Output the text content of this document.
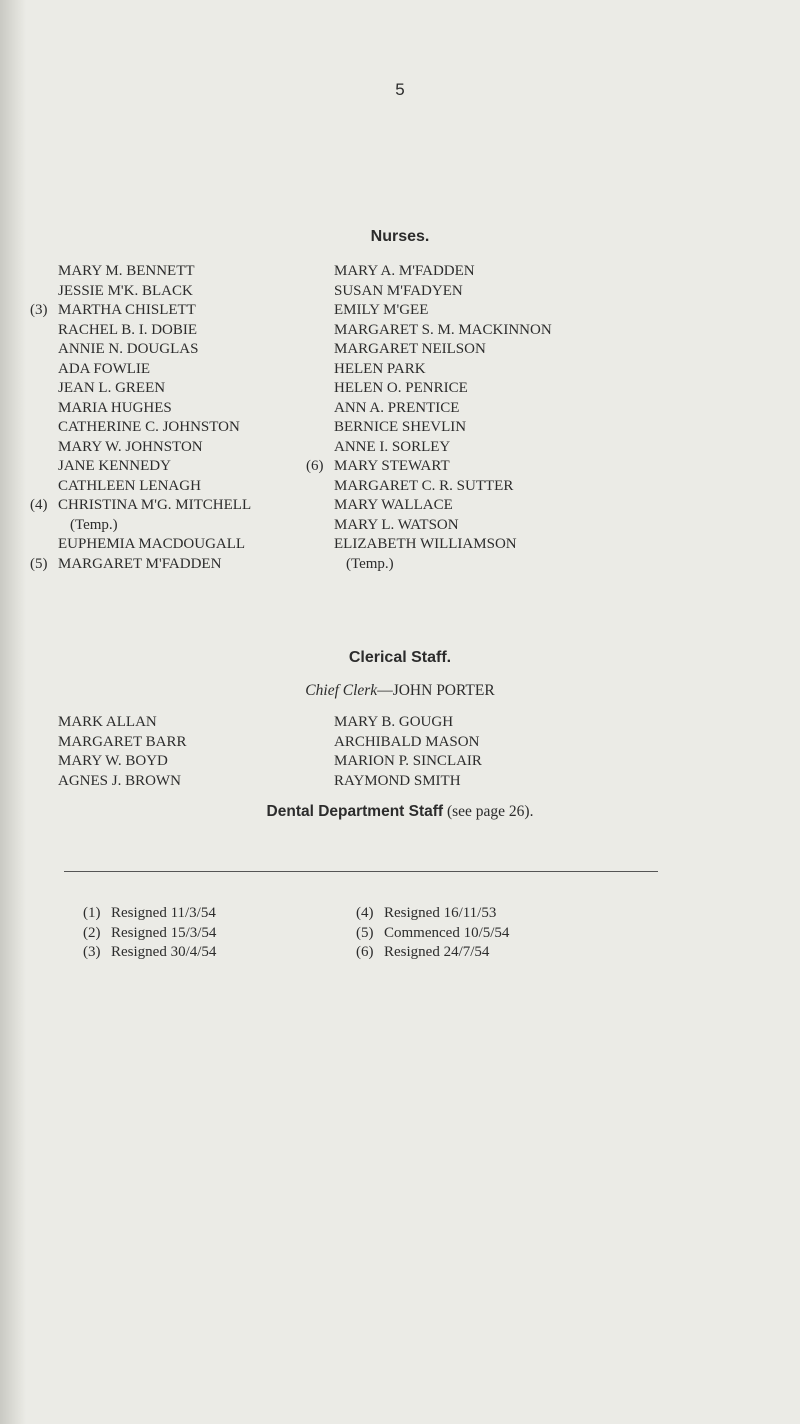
5
Nurses.
MARY M. BENNETT
JESSIE M'K. BLACK
(3) MARTHA CHISLETT
RACHEL B. I. DOBIE
ANNIE N. DOUGLAS
ADA FOWLIE
JEAN L. GREEN
MARIA HUGHES
CATHERINE C. JOHNSTON
MARY W. JOHNSTON
JANE KENNEDY
CATHLEEN LENAGH
(4) CHRISTINA M'G. MITCHELL
(Temp.)
EUPHEMIA MACDOUGALL
(5) MARGARET M'FADDEN
MARY A. M'FADDEN
SUSAN M'FADYEN
EMILY M'GEE
MARGARET S. M. MACKINNON
MARGARET NEILSON
HELEN PARK
HELEN O. PENRICE
ANN A. PRENTICE
BERNICE SHEVLIN
ANNE I. SORLEY
(6) MARY STEWART
MARGARET C. R. SUTTER
MARY WALLACE
MARY L. WATSON
ELIZABETH WILLIAMSON
(Temp.)
Clerical Staff.
Chief Clerk—JOHN PORTER
MARK ALLAN
MARGARET BARR
MARY W. BOYD
AGNES J. BROWN
MARY B. GOUGH
ARCHIBALD MASON
MARION P. SINCLAIR
RAYMOND SMITH
Dental Department Staff (see page 26).
(1) Resigned 11/3/54
(2) Resigned 15/3/54
(3) Resigned 30/4/54
(4) Resigned 16/11/53
(5) Commenced 10/5/54
(6) Resigned 24/7/54
